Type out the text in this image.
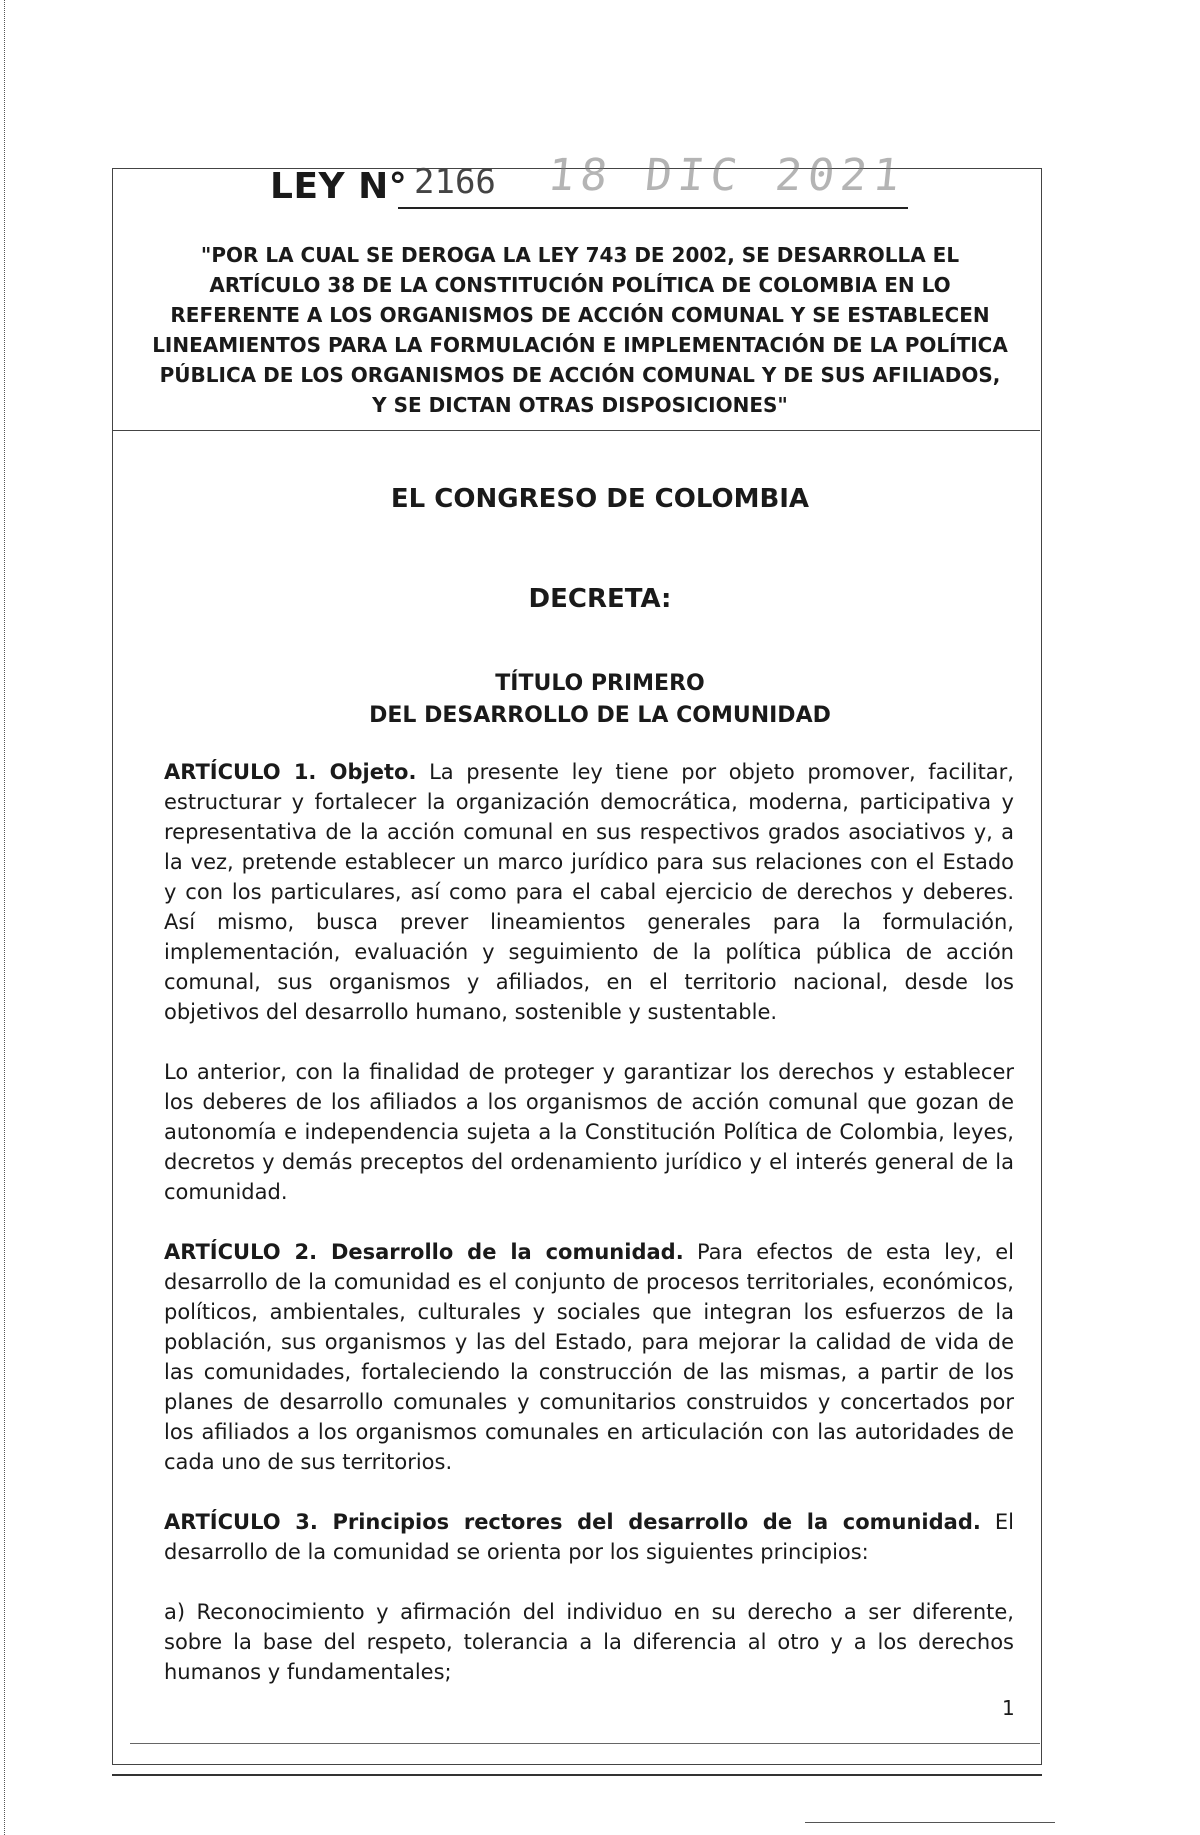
LEY N° 2166 18 DIC 2021
"POR LA CUAL SE DEROGA LA LEY 743 DE 2002, SE DESARROLLA EL ARTÍCULO 38 DE LA CONSTITUCIÓN POLÍTICA DE COLOMBIA EN LO REFERENTE A LOS ORGANISMOS DE ACCIÓN COMUNAL Y SE ESTABLECEN LINEAMIENTOS PARA LA FORMULACIÓN E IMPLEMENTACIÓN DE LA POLÍTICA PÚBLICA DE LOS ORGANISMOS DE ACCIÓN COMUNAL Y DE SUS AFILIADOS, Y SE DICTAN OTRAS DISPOSICIONES"
EL CONGRESO DE COLOMBIA
DECRETA:
TÍTULO PRIMERO
DEL DESARROLLO DE LA COMUNIDAD

ARTÍCULO 1. Objeto. La presente ley tiene por objeto promover, facilitar, estructurar y fortalecer la organización democrática, moderna, participativa y representativa de la acción comunal en sus respectivos grados asociativos y, a la vez, pretende establecer un marco jurídico para sus relaciones con el Estado y con los particulares, así como para el cabal ejercicio de derechos y deberes. Así mismo, busca prever lineamientos generales para la formulación, implementación, evaluación y seguimiento de la política pública de acción comunal, sus organismos y afiliados, en el territorio nacional, desde los objetivos del desarrollo humano, sostenible y sustentable.

Lo anterior, con la finalidad de proteger y garantizar los derechos y establecer los deberes de los afiliados a los organismos de acción comunal que gozan de autonomía e independencia sujeta a la Constitución Política de Colombia, leyes, decretos y demás preceptos del ordenamiento jurídico y el interés general de la comunidad.

ARTÍCULO 2. Desarrollo de la comunidad. Para efectos de esta ley, el desarrollo de la comunidad es el conjunto de procesos territoriales, económicos, políticos, ambientales, culturales y sociales que integran los esfuerzos de la población, sus organismos y las del Estado, para mejorar la calidad de vida de las comunidades, fortaleciendo la construcción de las mismas, a partir de los planes de desarrollo comunales y comunitarios construidos y concertados por los afiliados a los organismos comunales en articulación con las autoridades de cada uno de sus territorios.

ARTÍCULO 3. Principios rectores del desarrollo de la comunidad. El desarrollo de la comunidad se orienta por los siguientes principios:

a) Reconocimiento y afirmación del individuo en su derecho a ser diferente, sobre la base del respeto, tolerancia a la diferencia al otro y a los derechos humanos y fundamentales;

1
